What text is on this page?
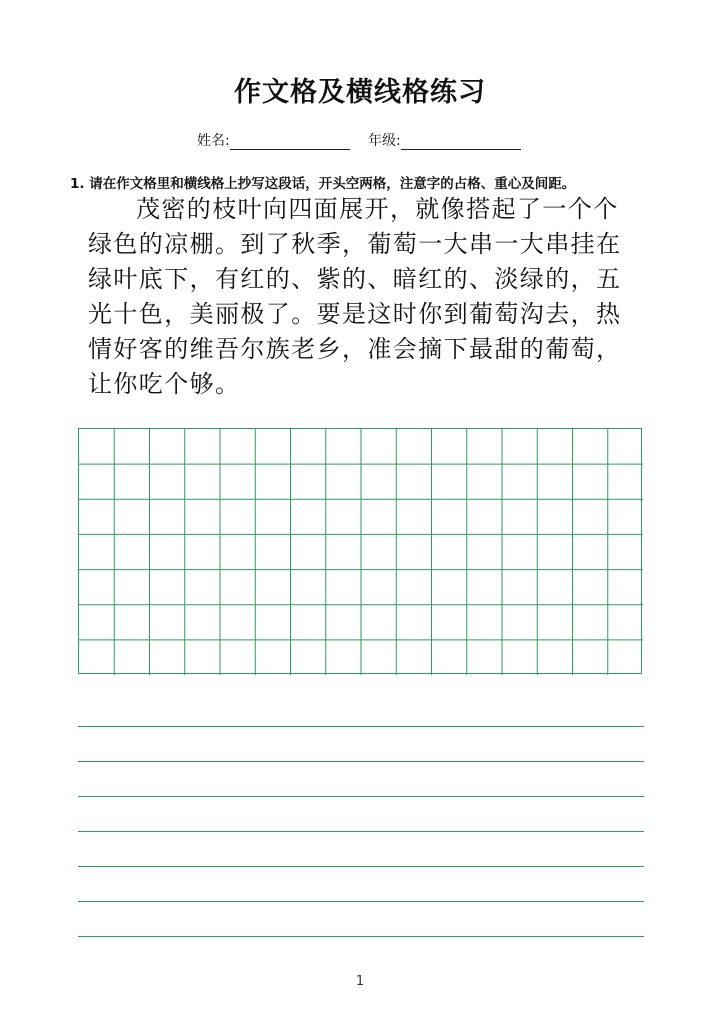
作文格及横线格练习
姓名:	年级:
1. 请在作文格里和横线格上抄写这段话，开头空两格，注意字的占格、重心及间距。

茂密的枝叶向四面展开，就像搭起了一个个绿色的凉棚。到了秋季，葡萄一大串一大串挂在绿叶底下，有红的、紫的、暗红的、淡绿的，五光十色，美丽极了。要是这时你到葡萄沟去，热情好客的维吾尔族老乡，准会摘下最甜的葡萄，让你吃个够。

1
